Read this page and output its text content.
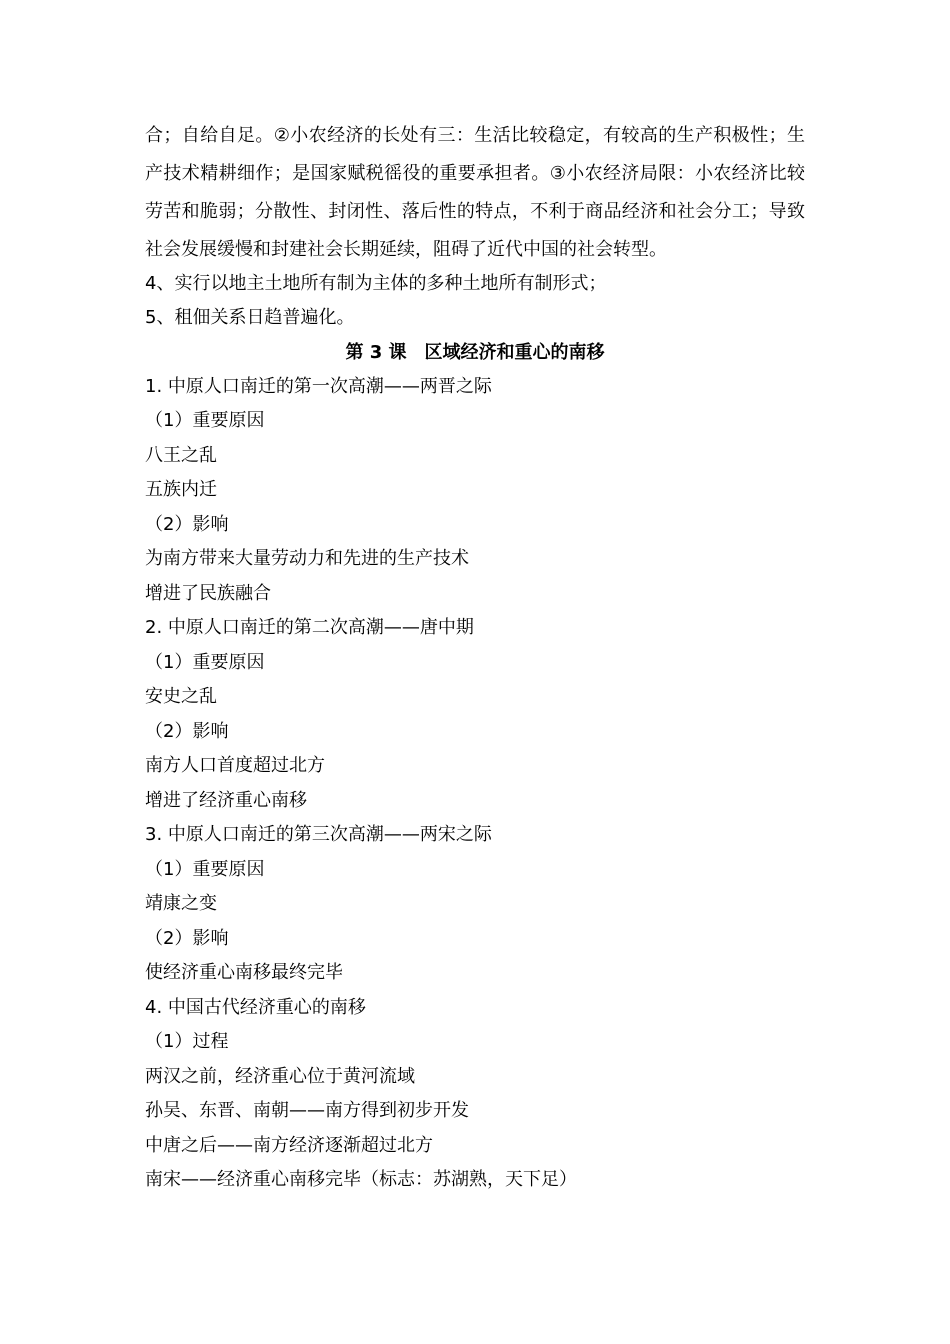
合；自给自足。②小农经济的长处有三：生活比较稳定，有较高的生产积极性；生产技术精耕细作；是国家赋税徭役的重要承担者。③小农经济局限：小农经济比较劳苦和脆弱；分散性、封闭性、落后性的特点，不利于商品经济和社会分工；导致社会发展缓慢和封建社会长期延续，阻碍了近代中国的社会转型。

4、实行以地主土地所有制为主体的多种土地所有制形式；

5、租佃关系日趋普遍化。

第 3 课　区域经济和重心的南移

1. 中原人口南迁的第一次高潮——两晋之际

（1）重要原因

八王之乱

五族内迁

（2）影响

为南方带来大量劳动力和先进的生产技术

增进了民族融合

2. 中原人口南迁的第二次高潮——唐中期

（1）重要原因

安史之乱

（2）影响

南方人口首度超过北方

增进了经济重心南移

3. 中原人口南迁的第三次高潮——两宋之际

（1）重要原因

靖康之变

（2）影响

使经济重心南移最终完毕

4. 中国古代经济重心的南移

（1）过程

两汉之前，经济重心位于黄河流域

孙吴、东晋、南朝——南方得到初步开发

中唐之后——南方经济逐渐超过北方

南宋——经济重心南移完毕（标志：苏湖熟，天下足）
